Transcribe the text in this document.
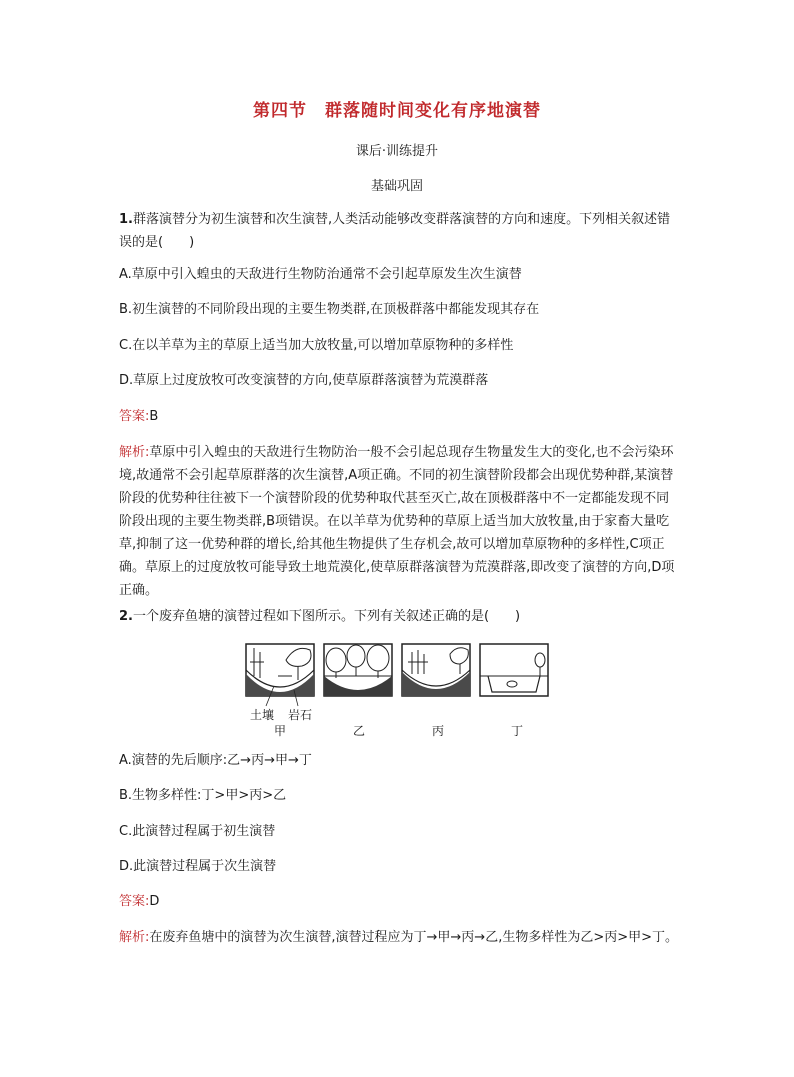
第四节　群落随时间变化有序地演替
课后·训练提升
基础巩固
1.群落演替分为初生演替和次生演替,人类活动能够改变群落演替的方向和速度。下列相关叙述错误的是(　　)
A.草原中引入蝗虫的天敌进行生物防治通常不会引起草原发生次生演替
B.初生演替的不同阶段出现的主要生物类群,在顶极群落中都能发现其存在
C.在以羊草为主的草原上适当加大放牧量,可以增加草原物种的多样性
D.草原上过度放牧可改变演替的方向,使草原群落演替为荒漠群落
答案:B
解析:草原中引入蝗虫的天敌进行生物防治一般不会引起总现存生物量发生大的变化,也不会污染环境,故通常不会引起草原群落的次生演替,A项正确。不同的初生演替阶段都会出现优势种群,某演替阶段的优势种往往被下一个演替阶段的优势种取代甚至灭亡,故在顶极群落中不一定都能发现不同阶段出现的主要生物类群,B项错误。在以羊草为优势种的草原上适当加大放牧量,由于家畜大量吃草,抑制了这一优势种群的增长,给其他生物提供了生存机会,故可以增加草原物种的多样性,C项正确。草原上的过度放牧可能导致土地荒漠化,使草原群落演替为荒漠群落,即改变了演替的方向,D项正确。
2.一个废弃鱼塘的演替过程如下图所示。下列有关叙述正确的是(　　)
土壤 岩石
甲	乙	丙	丁
A.演替的先后顺序:乙→丙→甲→丁
B.生物多样性:丁>甲>丙>乙
C.此演替过程属于初生演替
D.此演替过程属于次生演替
答案:D
解析:在废弃鱼塘中的演替为次生演替,演替过程应为丁→甲→丙→乙,生物多样性为乙>丙>甲>丁。
